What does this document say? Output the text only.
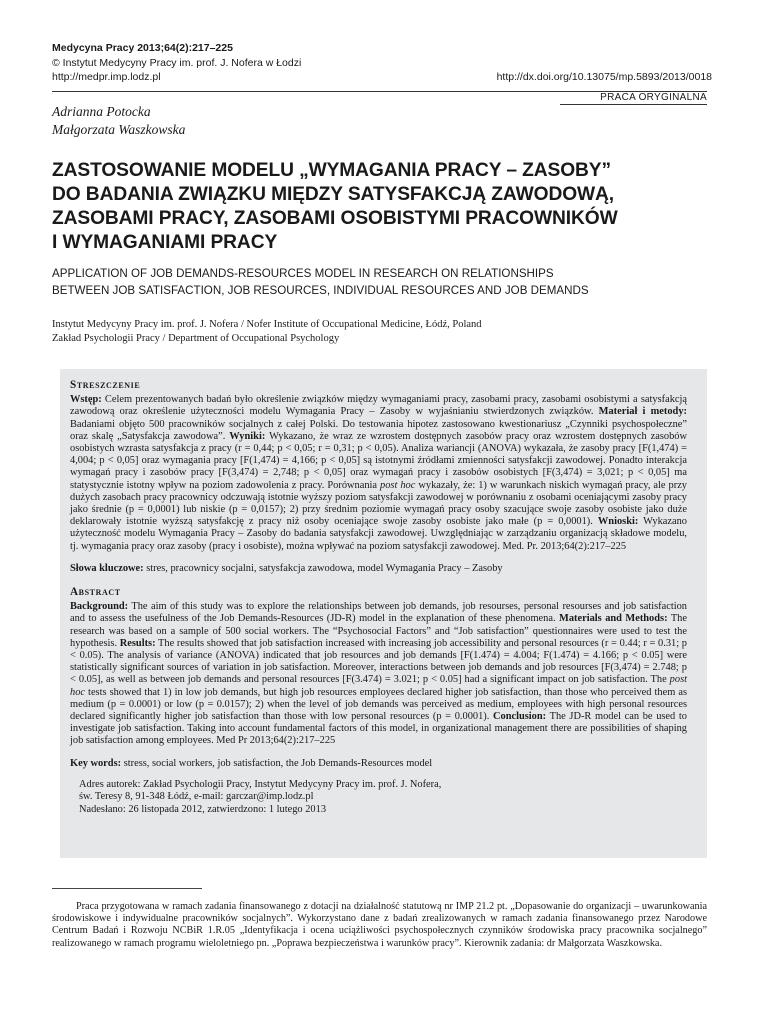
Medycyna Pracy 2013;64(2):217–225
© Instytut Medycyny Pracy im. prof. J. Nofera w Łodzi
http://medpr.imp.lodz.pl	http://dx.doi.org/10.13075/mp.5893/2013/0018
PRACA ORYGINALNA
Adrianna Potocka
Małgorzata Waszkowska
ZASTOSOWANIE MODELU „WYMAGANIA PRACY – ZASOBY”
DO BADANIA ZWIĄZKU MIĘDZY SATYSFAKCJĄ ZAWODOWĄ,
ZASOBAMI PRACY, ZASOBAMI OSOBISTYMI PRACOWNIKÓW
I WYMAGANIAMI PRACY
APPLICATION OF JOB DEMANDS-RESOURCES MODEL IN RESEARCH ON RELATIONSHIPS
BETWEEN JOB SATISFACTION, JOB RESOURCES, INDIVIDUAL RESOURCES AND JOB DEMANDS
Instytut Medycyny Pracy im. prof. J. Nofera / Nofer Institute of Occupational Medicine, Łódź, Poland
Zakład Psychologii Pracy / Department of Occupational Psychology
Streszczenie

Wstęp: Celem prezentowanych badań było określenie związków między wymaganiami pracy, zasobami pracy, zasobami osobistymi a satysfakcją zawodową oraz określenie użyteczności modelu Wymagania Pracy – Zasoby w wyjaśnianiu stwierdzonych związków. Materiał i metody: Badaniami objęto 500 pracowników socjalnych z całej Polski. Do testowania hipotez zastosowano kwestionariusz „Czynniki psychospołeczne” oraz skalę „Satysfakcja zawodowa”. Wyniki: Wykazano, że wraz ze wzrostem dostępnych zasobów pracy oraz wzrostem dostępnych zasobów osobistych wzrasta satysfakcja z pracy (r = 0,44; p < 0,05; r = 0,31; p < 0,05). Analiza wariancji (ANOVA) wykazała, że zasoby pracy [F(1,474) = 4,004; p < 0,05] oraz wymagania pracy [F(1,474) = 4,166; p < 0,05] są istotnymi źródłami zmienności satysfakcji zawodowej. Ponadto interakcja wymagań pracy i zasobów pracy [F(3,474) = 2,748; p < 0,05] oraz wymagań pracy i zasobów osobistych [F(3,474) = 3,021; p < 0,05] ma statystycznie istotny wpływ na poziom zadowolenia z pracy. Porównania post hoc wykazały, że: 1) w warunkach niskich wymagań pracy, ale przy dużych zasobach pracy pracownicy odczuwają istotnie wyższy poziom satysfakcji zawodowej w porównaniu z osobami oceniającymi zasoby pracy jako średnie (p = 0,0001) lub niskie (p = 0,0157); 2) przy średnim poziomie wymagań pracy osoby szacujące swoje zasoby osobiste jako duże deklarowały istotnie wyższą satysfakcję z pracy niż osoby oceniające swoje zasoby osobiste jako małe (p = 0,0001). Wnioski: Wykazano użyteczność modelu Wymagania Pracy – Zasoby do badania satysfakcji zawodowej. Uwzględniając w zarządzaniu organizacją składowe modelu, tj. wymagania pracy oraz zasoby (pracy i osobiste), można wpływać na poziom satysfakcji zawodowej. Med. Pr. 2013;64(2):217–225

Słowa kluczowe: stres, pracownicy socjalni, satysfakcja zawodowa, model Wymagania Pracy – Zasoby

Abstract

Background: The aim of this study was to explore the relationships between job demands, job resourses, personal resourses and job satisfaction and to assess the usefulness of the Job Demands-Resources (JD-R) model in the explanation of these phenomena. Materials and Methods: The research was based on a sample of 500 social workers. The “Psychosocial Factors” and “Job satisfaction” questionnaires were used to test the hypothesis. Results: The results showed that job satisfaction increased with increasing job accessibility and personal resources (r = 0.44; r = 0.31; p < 0.05). The analysis of variance (ANOVA) indicated that job resources and job demands [F(1.474) = 4.004; F(1.474) = 4.166; p < 0.05] were statistically significant sources of variation in job satisfaction. Moreover, interactions between job demands and job resources [F(3,474) = 2.748; p < 0.05], as well as between job demands and personal resources [F(3.474) = 3.021; p < 0.05] had a significant impact on job satisfaction. The post hoc tests showed that 1) in low job demands, but high job resources employees declared higher job satisfaction, than those who perceived them as medium (p = 0.0001) or low (p = 0.0157); 2) when the level of job demands was perceived as medium, employees with high personal resources declared significantly higher job satisfaction than those with low personal resources (p = 0.0001). Conclusion: The JD-R model can be used to investigate job satisfaction. Taking into account fundamental factors of this model, in organizational management there are possibilities of shaping job satisfaction among employees. Med Pr 2013;64(2):217–225

Key words: stress, social workers, job satisfaction, the Job Demands-Resources model

Adres autorek: Zakład Psychologii Pracy, Instytut Medycyny Pracy im. prof. J. Nofera,
św. Teresy 8, 91-348 Łódź, e-mail: garczar@imp.lodz.pl
Nadesłano: 26 listopada 2012, zatwierdzono: 1 lutego 2013
Praca przygotowana w ramach zadania finansowanego z dotacji na działalność statutową nr IMP 21.2 pt. „Dopasowanie do organizacji – uwarunkowania środowiskowe i indywidualne pracowników socjalnych”. Wykorzystano dane z badań zrealizowanych w ramach zadania finansowanego przez Narodowe Centrum Badań i Rozwoju NCBiR 1.R.05 „Identyfikacja i ocena uciążliwości psychospołecznych czynników środowiska pracy pracownika socjalnego” realizowanego w ramach programu wieloletniego pn. „Poprawa bezpieczeństwa i warunków pracy”. Kierownik zadania: dr Małgorzata Waszkowska.
